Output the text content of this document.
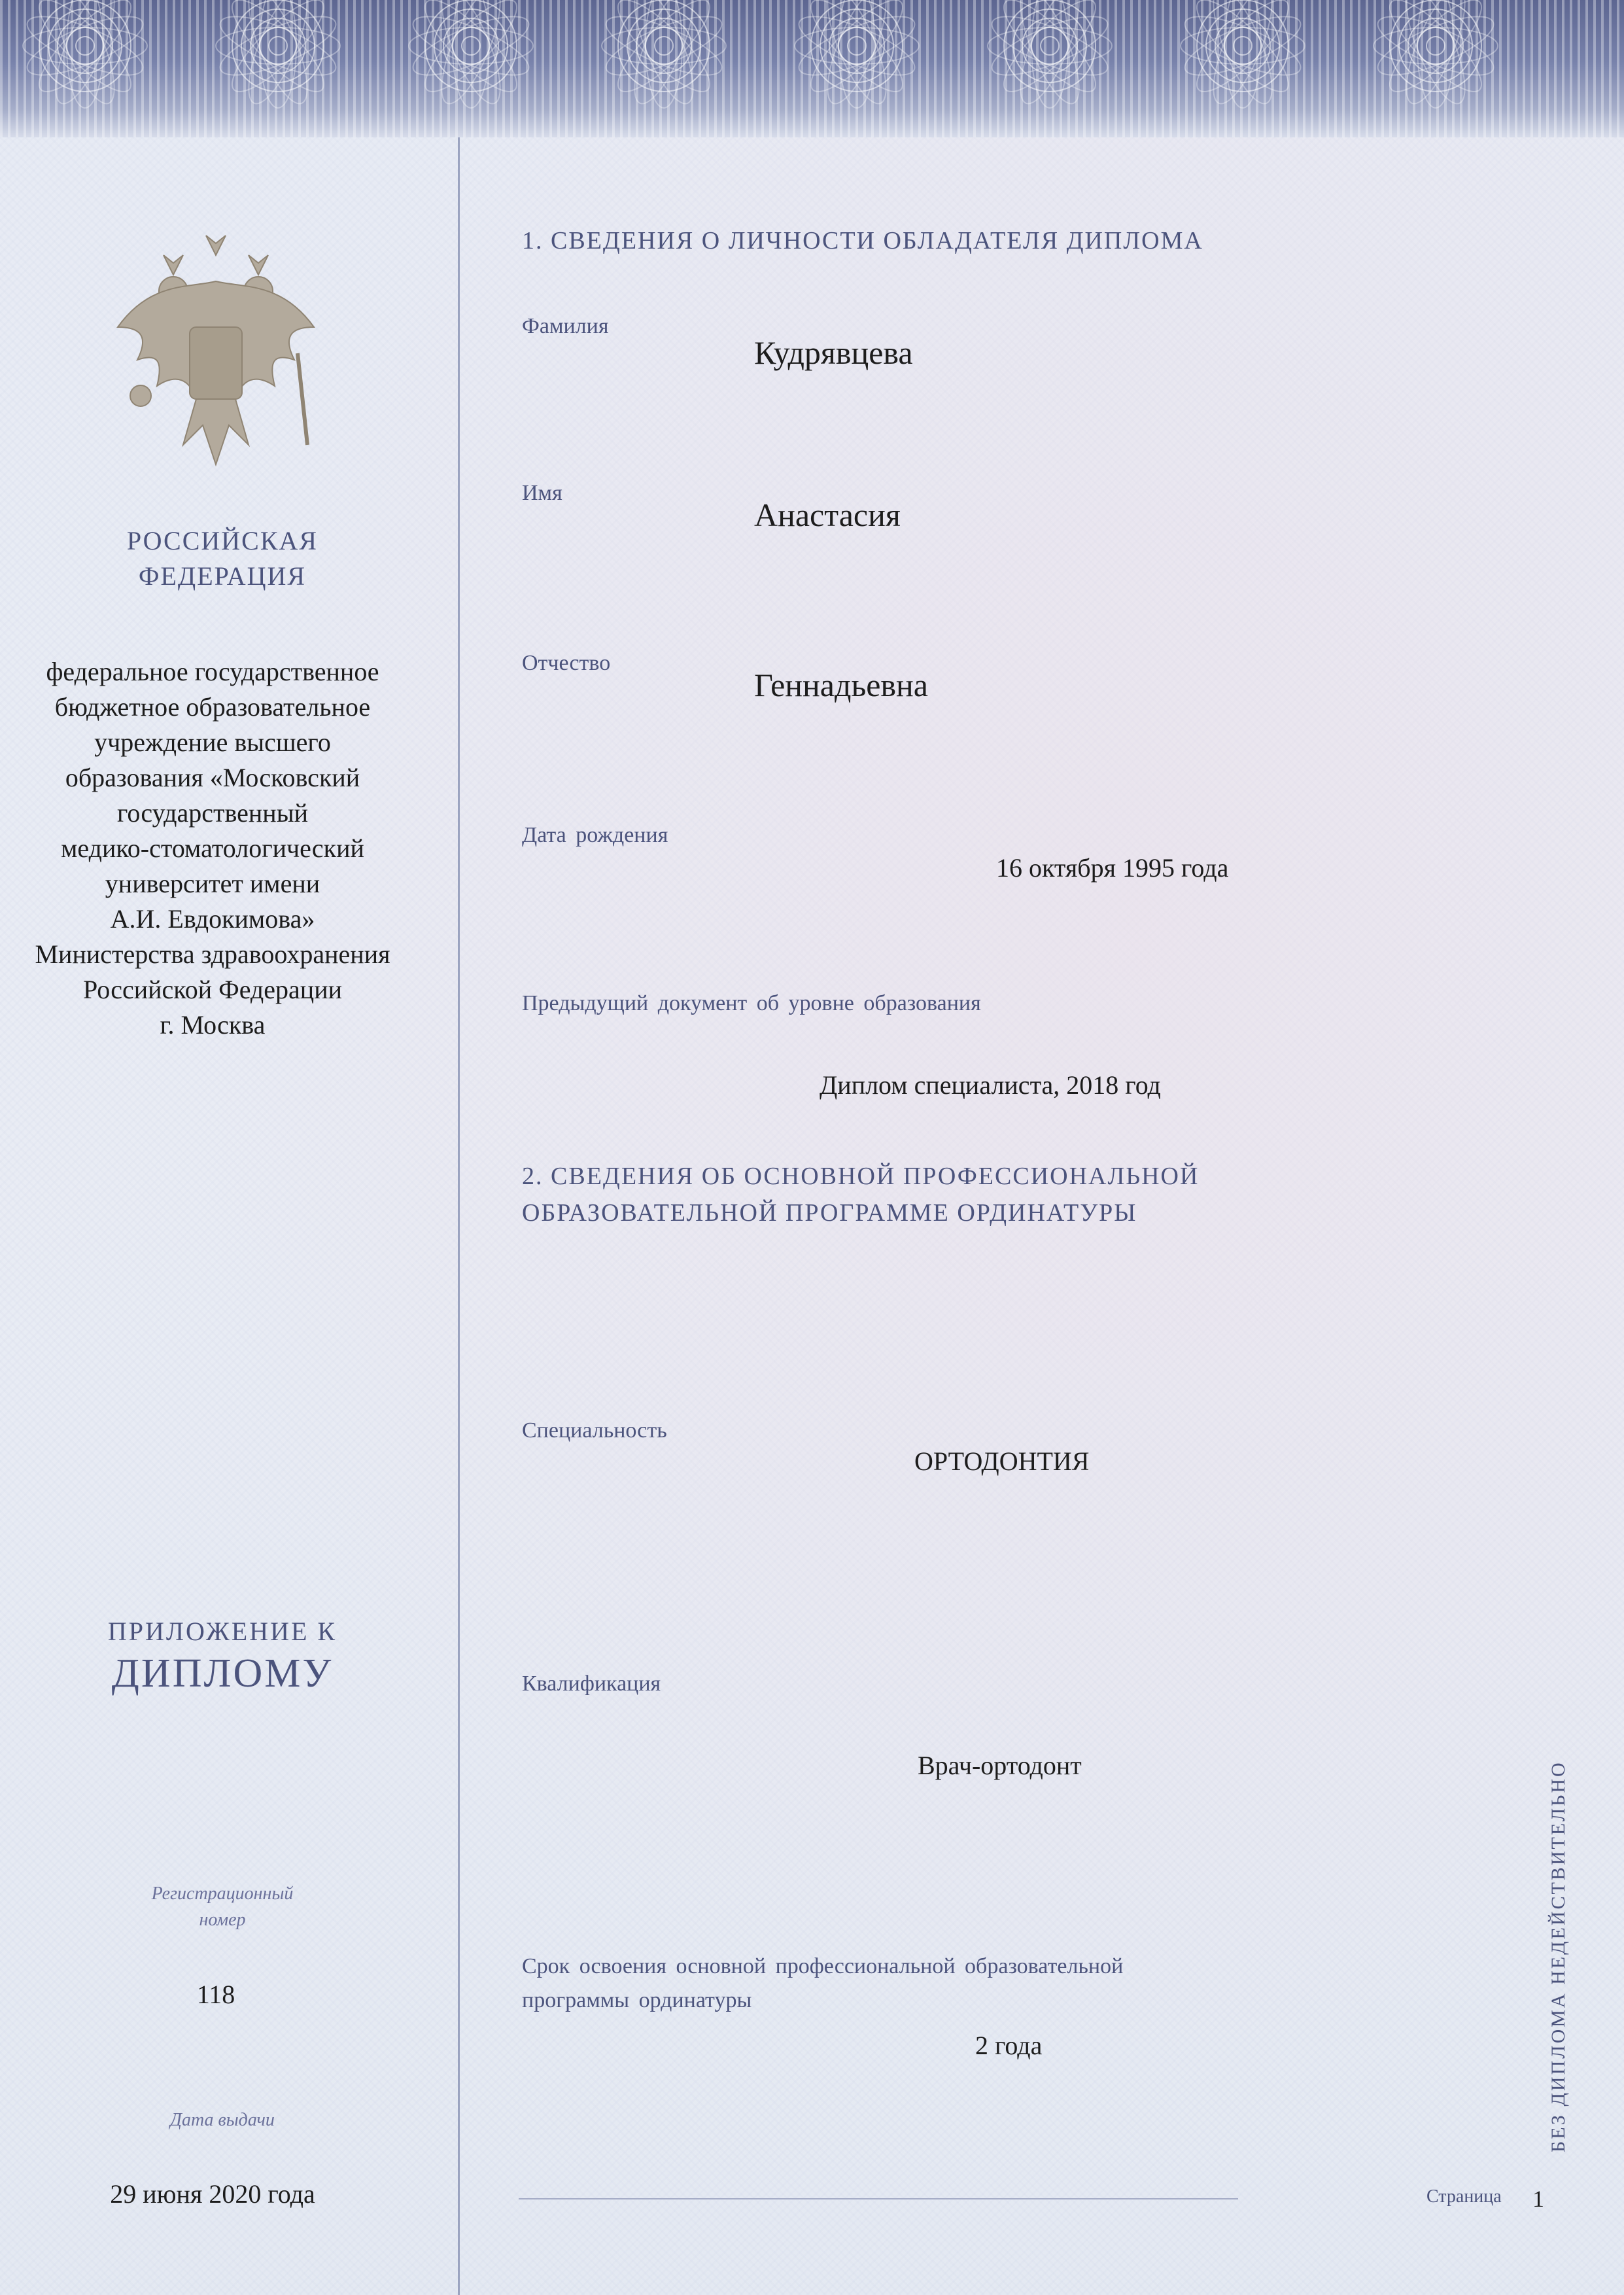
РОССИЙСКАЯ
ФЕДЕРАЦИЯ
федеральное государственное
бюджетное образовательное
учреждение высшего
образования «Московский
государственный
медико-стоматологический
университет имени
А.И. Евдокимова»
Министерства здравоохранения
Российской Федерации
г. Москва
ПРИЛОЖЕНИЕ К
ДИПЛОМУ
Регистрационный
номер
118
Дата выдачи
29 июня 2020 года
1. СВЕДЕНИЯ О ЛИЧНОСТИ ОБЛАДАТЕЛЯ ДИПЛОМА
Фамилия
Кудрявцева
Имя
Анастасия
Отчество
Геннадьевна
Дата рождения
16 октября 1995 года
Предыдущий документ об уровне образования
Диплом специалиста, 2018 год
2. СВЕДЕНИЯ ОБ ОСНОВНОЙ ПРОФЕССИОНАЛЬНОЙ
ОБРАЗОВАТЕЛЬНОЙ ПРОГРАММЕ ОРДИНАТУРЫ
Специальность
ОРТОДОНТИЯ
Квалификация
Врач-ортодонт
Срок освоения основной профессиональной образовательной
программы ординатуры
2 года
Страница 1
БЕЗ ДИПЛОМА НЕДЕЙСТВИТЕЛЬНО
